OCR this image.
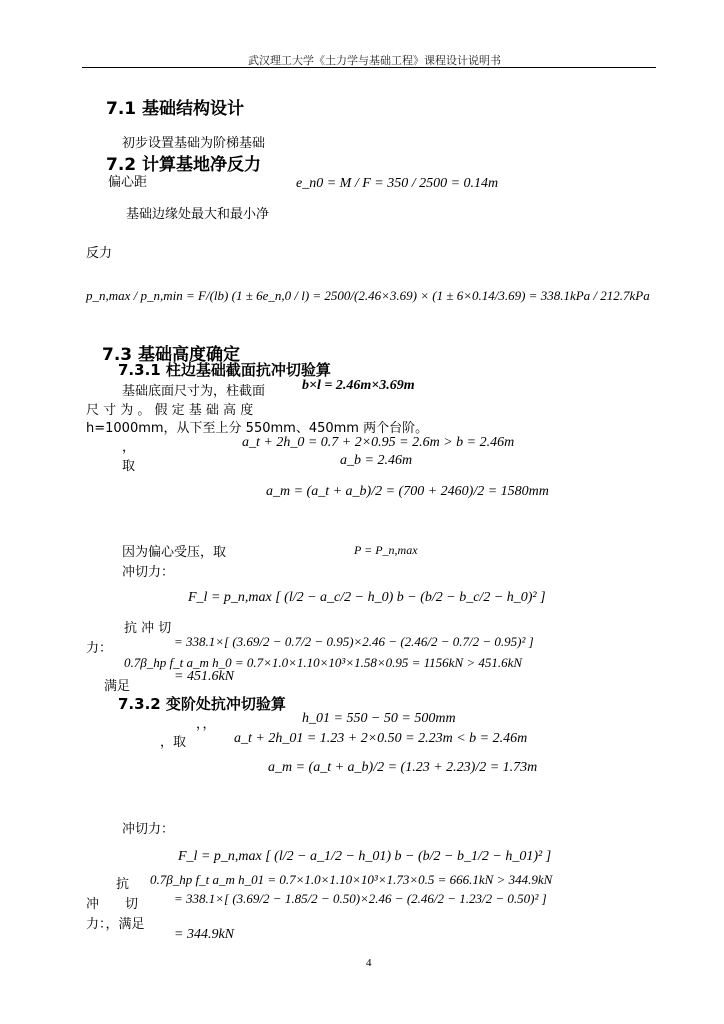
武汉理工大学《土力学与基础工程》课程设计说明书
7.1 基础结构设计
初步设置基础为阶梯基础
7.2 计算基地净反力
偏心距	e_n0 = M / F = 350 / 2500 = 0.14m
基础边缘处最大和最小净
反力
p_n,max / p_n,min = F/(lb) (1 ± 6e_n,0 / l) = 2500/(2.46×3.69) × (1 ± 6×0.14/3.69) = 338.1kPa / 212.7kPa
7.3 基础高度确定
7.3.1 柱边基础截面抗冲切验算
基础底面尺寸为，柱截面	b×l = 2.46m×3.69m
尺 寸 为 。 假 定 基 础 高 度
h=1000mm，从下至上分 550mm、450mm 两个台阶。
，	a_t + 2h_0 = 0.7 + 2×0.95 = 2.6m > b = 2.46m
取	a_b = 2.46m
a_m = (a_t + a_b)/2 = (700 + 2460)/2 = 1580mm
因为偏心受压，取	P = P_n,max
冲切力：
F_l = p_n,max [ (l/2 − a_c/2 − h_0) b − (b/2 − b_c/2 − h_0)² ]
抗 冲 切
力：	= 338.1×[ (3.69/2 − 0.7/2 − 0.95)×2.46 − (2.46/2 − 0.7/2 − 0.95)² ]
0.7β_hp f_t a_m h_0 = 0.7×1.0×1.10×10³×1.58×0.95 = 1156kN > 451.6kN
= 451.6kN
满足
7.3.2 变阶处抗冲切验算
，，	h_01 = 550 − 50 = 500mm
，取	a_t + 2h_01 = 1.23 + 2×0.50 = 2.23m < b = 2.46m
a_m = (a_t + a_b)/2 = (1.23 + 2.23)/2 = 1.73m
冲切力：
F_l = p_n,max [ (l/2 − a_1/2 − h_01) b − (b/2 − b_1/2 − h_01)² ]
抗 0.7β_hp f_t a_m h_01 = 0.7×1.0×1.10×10³×1.73×0.5 = 666.1kN > 344.9kN
冲　　切	= 338.1×[ (3.69/2 − 1.85/2 − 0.50)×2.46 − (2.46/2 − 1.23/2 − 0.50)² ]
力：，满足
= 344.9kN
4
